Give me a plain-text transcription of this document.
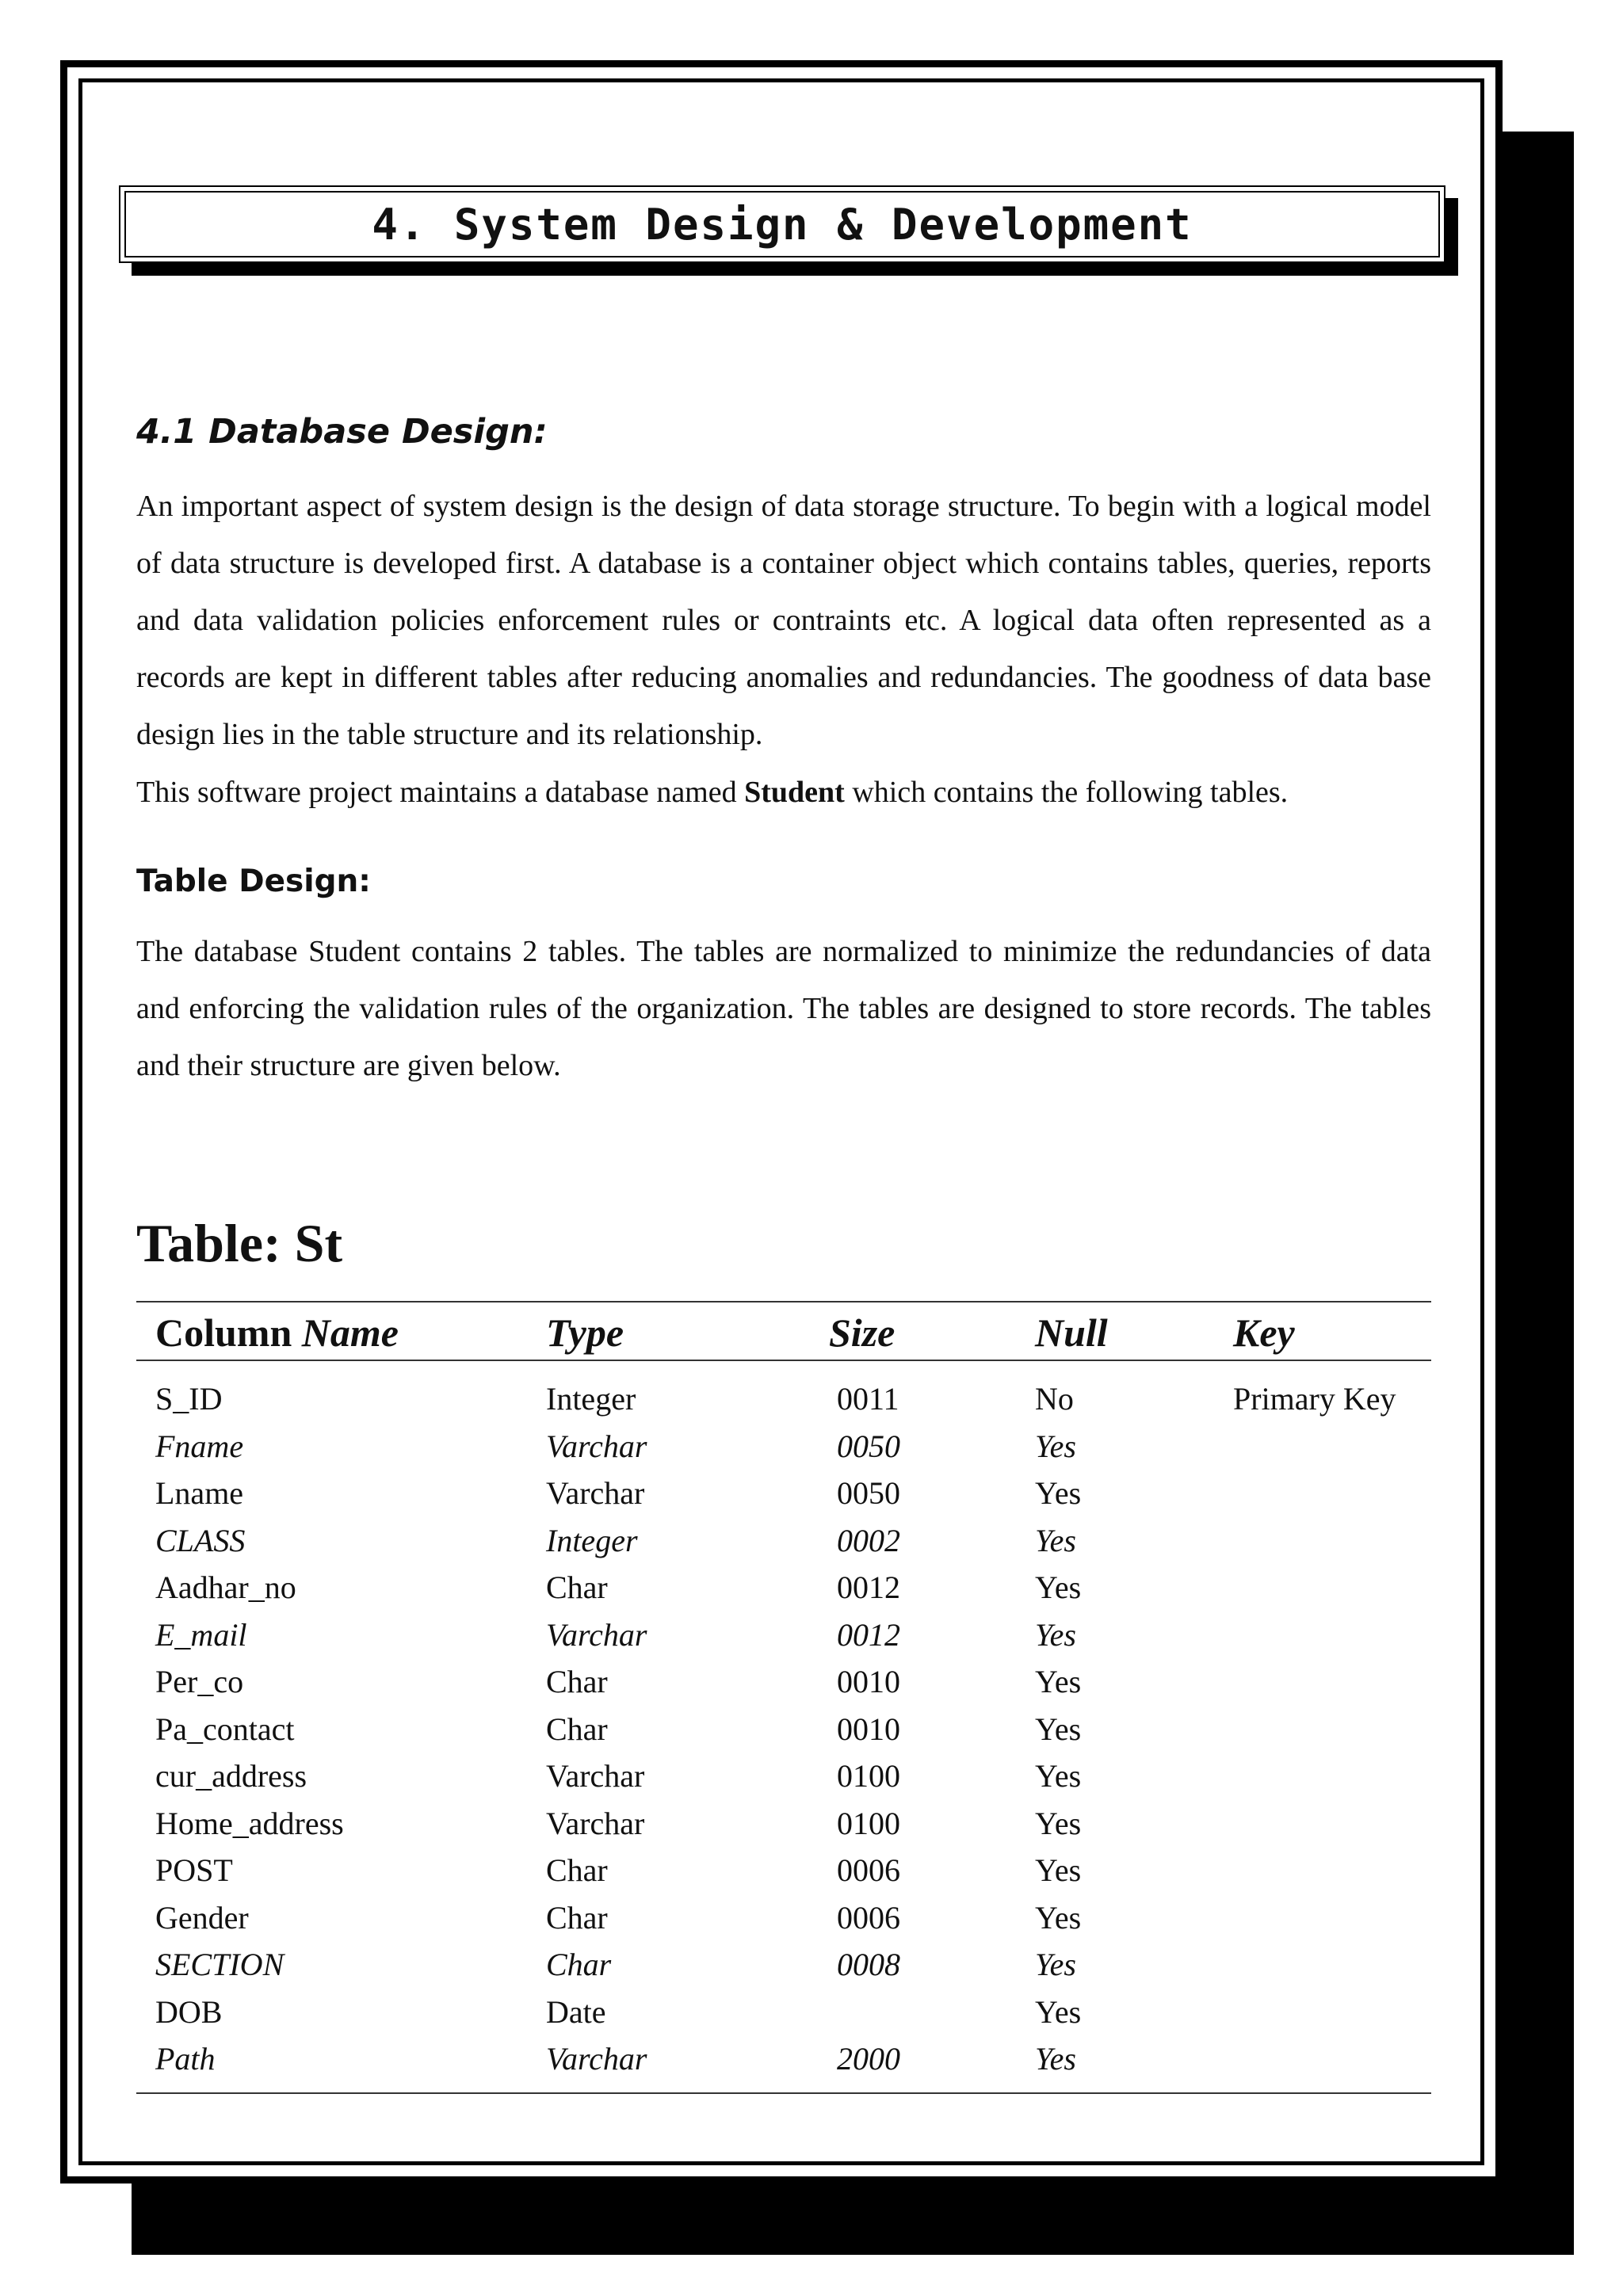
4. System Design & Development
4.1 Database Design:

An important aspect of system design is the design of data storage structure. To begin with a logical model of data structure is developed first. A database is a container object which contains tables, queries, reports and data validation policies enforcement rules or contraints etc. A logical data often represented as a records are kept in different tables after reducing anomalies and redundancies. The goodness of data base design lies in the table structure and its relationship.

This software project maintains a database named Student which contains the following tables.

Table Design:

The database Student contains 2 tables. The tables are normalized to minimize the redundancies of data and enforcing the validation rules of the organization. The tables are designed to store records. The tables and their structure are given below.

Table: St
Column Name	Type	Size	Null	Key
S_ID	Integer	0011	No	Primary Key
Fname	Varchar	0050	Yes	
Lname	Varchar	0050	Yes	
CLASS	Integer	0002	Yes	
Aadhar_no	Char	0012	Yes	
E_mail	Varchar	0012	Yes	
Per_co	Char	0010	Yes	
Pa_contact	Char	0010	Yes	
cur_address	Varchar	0100	Yes	
Home_address	Varchar	0100	Yes	
POST	Char	0006	Yes	
Gender	Char	0006	Yes	
SECTION	Char	0008	Yes	
DOB	Date		Yes	
Path	Varchar	2000	Yes	
